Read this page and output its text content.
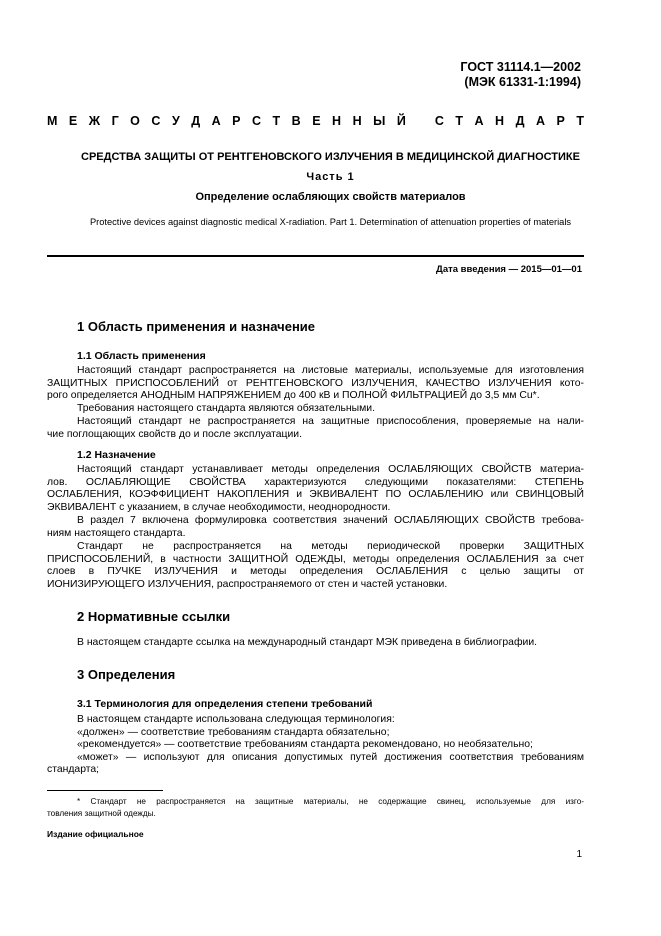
ГОСТ 31114.1—2002
(МЭК 61331-1:1994)
М Е Ж Г О С У Д А Р С Т В Е Н Н Ы Й С Т А Н Д А Р Т
СРЕДСТВА ЗАЩИТЫ ОТ РЕНТГЕНОВСКОГО ИЗЛУЧЕНИЯ В МЕДИЦИНСКОЙ ДИАГНОСТИКЕ
Часть 1
Определение ослабляющих свойств материалов
Protective devices against diagnostic medical X-radiation. Part 1. Determination of attenuation properties of materials
Дата введения — 2015—01—01
1 Область применения и назначение
1.1 Область применения
Настоящий стандарт распространяется на листовые материалы, используемые для изготовления
ЗАЩИТНЫХ ПРИСПОСОБЛЕНИЙ от РЕНТГЕНОВСКОГО ИЗЛУЧЕНИЯ, КАЧЕСТВО ИЗЛУЧЕНИЯ кото-
рого определяется АНОДНЫМ НАПРЯЖЕНИЕМ до 400 кВ и ПОЛНОЙ ФИЛЬТРАЦИЕЙ до 3,5 мм Cu*.
Требования настоящего стандарта являются обязательными.
Настоящий стандарт не распространяется на защитные приспособления, проверяемые на нали-
чие поглощающих свойств до и после эксплуатации.
1.2 Назначение
Настоящий стандарт устанавливает методы определения ОСЛАБЛЯЮЩИХ СВОЙСТВ материа-
лов. ОСЛАБЛЯЮЩИЕ СВОЙСТВА характеризуются следующими показателями: СТЕПЕНЬ
ОСЛАБЛЕНИЯ, КОЭФФИЦИЕНТ НАКОПЛЕНИЯ и ЭКВИВАЛЕНТ ПО ОСЛАБЛЕНИЮ или СВИНЦОВЫЙ
ЭКВИВАЛЕНТ с указанием, в случае необходимости, неоднородности.
В раздел 7 включена формулировка соответствия значений ОСЛАБЛЯЮЩИХ СВОЙСТВ требова-
ниям настоящего стандарта.
Стандарт не распространяется на методы периодической проверки ЗАЩИТНЫХ
ПРИСПОСОБЛЕНИЙ, в частности ЗАЩИТНОЙ ОДЕЖДЫ, методы определения ОСЛАБЛЕНИЯ за счет
слоев в ПУЧКЕ ИЗЛУЧЕНИЯ и методы определения ОСЛАБЛЕНИЯ с целью защиты от
ИОНИЗИРУЮЩЕГО ИЗЛУЧЕНИЯ, распространяемого от стен и частей установки.
2 Нормативные ссылки
В настоящем стандарте ссылка на международный стандарт МЭК приведена в библиографии.
3 Определения
3.1 Терминология для определения степени требований
В настоящем стандарте использована следующая терминология:
«должен» — соответствие требованиям стандарта обязательно;
«рекомендуется» — соответствие требованиям стандарта рекомендовано, но необязательно;
«может» — используют для описания допустимых путей достижения соответствия требованиям
стандарта;
* Стандарт не распространяется на защитные материалы, не содержащие свинец, используемые для изго-
товления защитной одежды.
Издание официальное
1
